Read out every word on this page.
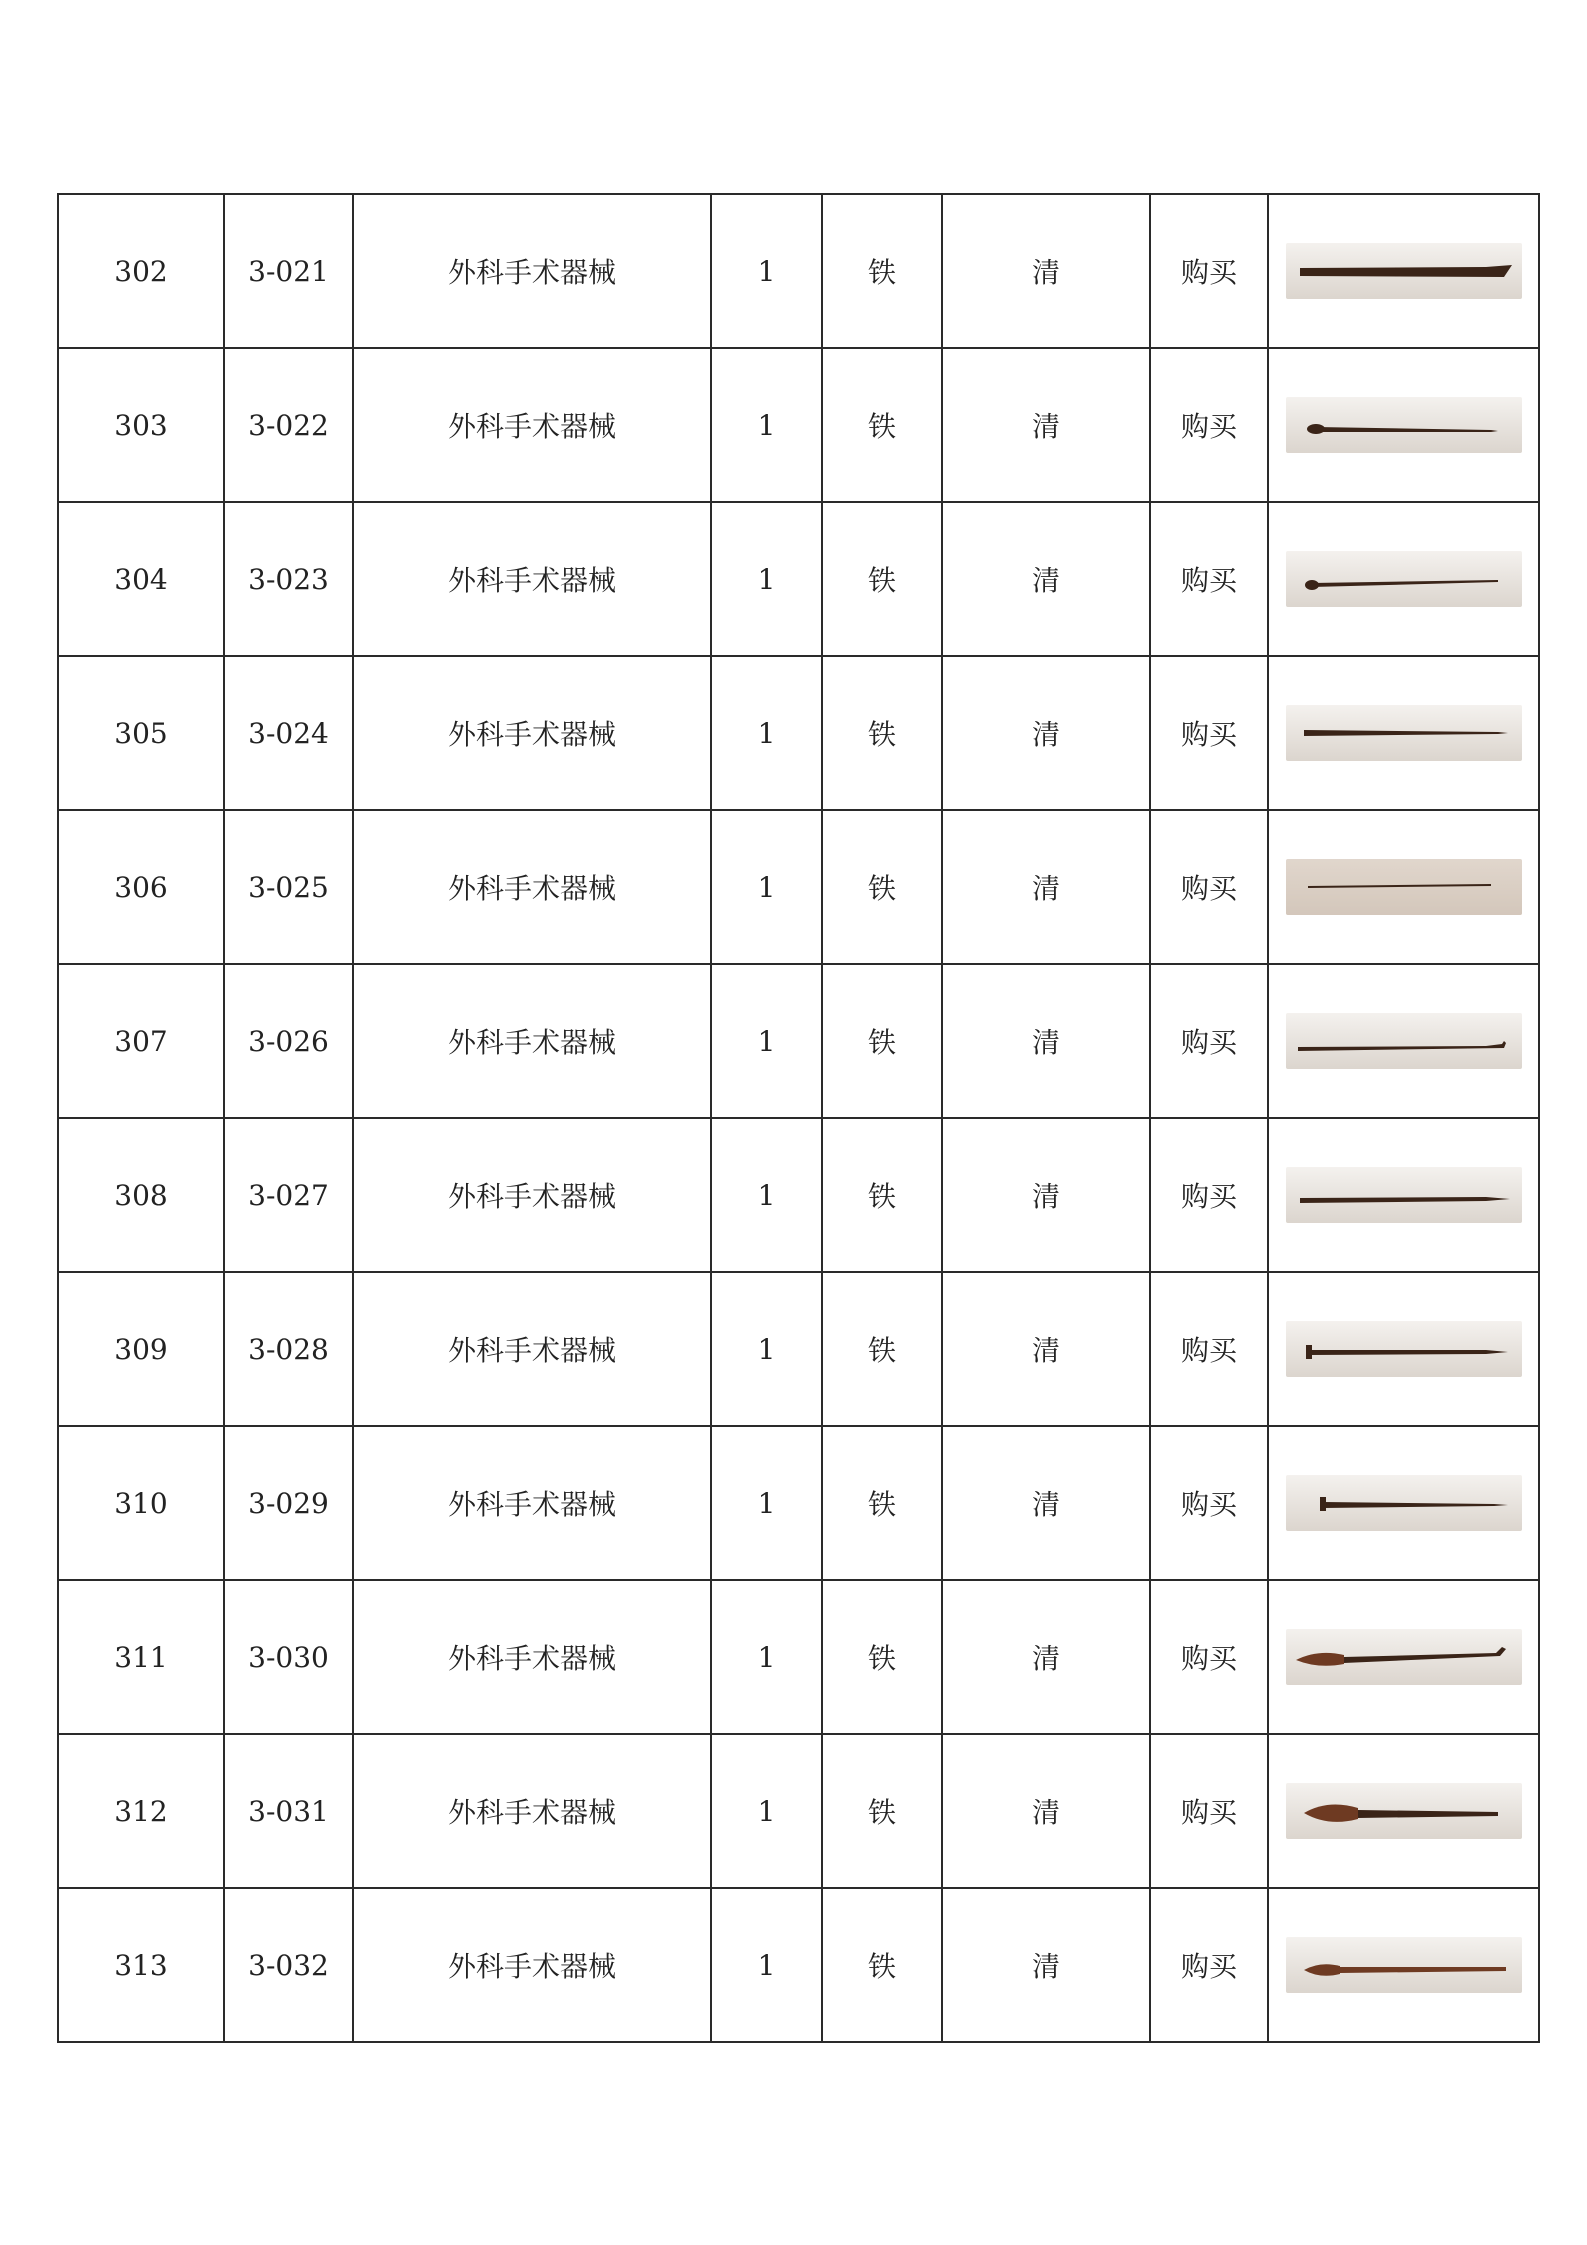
302	3-021	外科手术器械	1	铁	清	购买	

303	3-022	外科手术器械	1	铁	清	购买	

304	3-023	外科手术器械	1	铁	清	购买	

305	3-024	外科手术器械	1	铁	清	购买	

306	3-025	外科手术器械	1	铁	清	购买	

307	3-026	外科手术器械	1	铁	清	购买	

308	3-027	外科手术器械	1	铁	清	购买	

309	3-028	外科手术器械	1	铁	清	购买	

310	3-029	外科手术器械	1	铁	清	购买	

311	3-030	外科手术器械	1	铁	清	购买	

312	3-031	外科手术器械	1	铁	清	购买	

313	3-032	外科手术器械	1	铁	清	购买	
